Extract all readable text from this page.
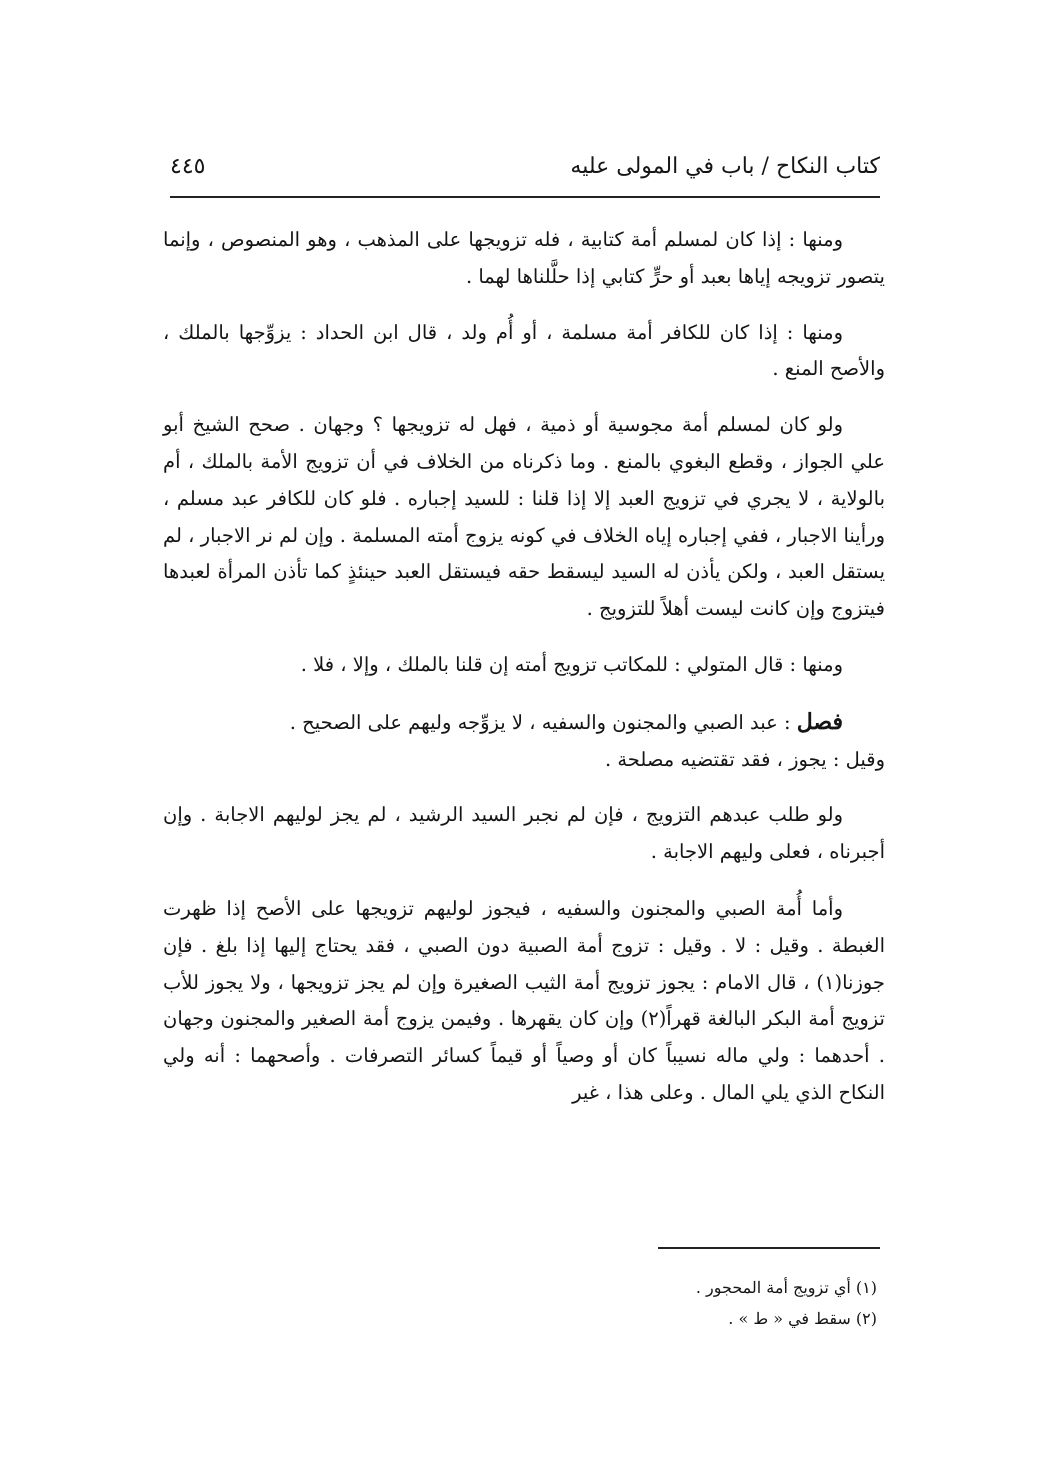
كتاب النكاح / باب في المولى عليه
٤٤٥

ومنها : إذا كان لمسلم أمة كتابية ، فله تزويجها على المذهب ، وهو المنصوص ، وإنما يتصور تزويجه إياها بعبد أو حرٍّ كتابي إذا حلَّلناها لهما .

ومنها : إذا كان للكافر أمة مسلمة ، أو أُم ولد ، قال ابن الحداد : يزوِّجها بالملك ، والأصح المنع .

ولو كان لمسلم أمة مجوسية أو ذمية ، فهل له تزويجها ؟ وجهان . صحح الشيخ أبو علي الجواز ، وقطع البغوي بالمنع . وما ذكرناه من الخلاف في أن تزويج الأمة بالملك ، أم بالولاية ، لا يجري في تزويج العبد إلا إذا قلنا : للسيد إجباره . فلو كان للكافر عبد مسلم ، ورأينا الاجبار ، ففي إجباره إياه الخلاف في كونه يزوج أمته المسلمة . وإن لم نر الاجبار ، لم يستقل العبد ، ولكن يأذن له السيد ليسقط حقه فيستقل العبد حينئذٍ كما تأذن المرأة لعبدها فيتزوج وإن كانت ليست أهلاً للتزويج .

ومنها : قال المتولي : للمكاتب تزويج أمته إن قلنا بالملك ، وإلا ، فلا .

فصل : عبد الصبي والمجنون والسفيه ، لا يزوِّجه وليهم على الصحيح .

وقيل : يجوز ، فقد تقتضيه مصلحة .

ولو طلب عبدهم التزويج ، فإن لم نجبر السيد الرشيد ، لم يجز لوليهم الاجابة . وإن أجبرناه ، فعلى وليهم الاجابة .

وأما أُمة الصبي والمجنون والسفيه ، فيجوز لوليهم تزويجها على الأصح إذا ظهرت الغبطة . وقيل : لا . وقيل : تزوج أمة الصبية دون الصبي ، فقد يحتاج إليها إذا بلغ . فإن جوزنا(١) ، قال الامام : يجوز تزويج أمة الثيب الصغيرة وإن لم يجز تزويجها ، ولا يجوز للأب تزويج أمة البكر البالغة قهراً(٢) وإن كان يقهرها . وفيمن يزوج أمة الصغير والمجنون وجهان . أحدهما : ولي ماله نسيباً كان أو وصياً أو قيماً كسائر التصرفات . وأصحهما : أنه ولي النكاح الذي يلي المال . وعلى هذا ، غير

(١) أي تزويج أمة المحجور .

(٢) سقط في « ط » .
